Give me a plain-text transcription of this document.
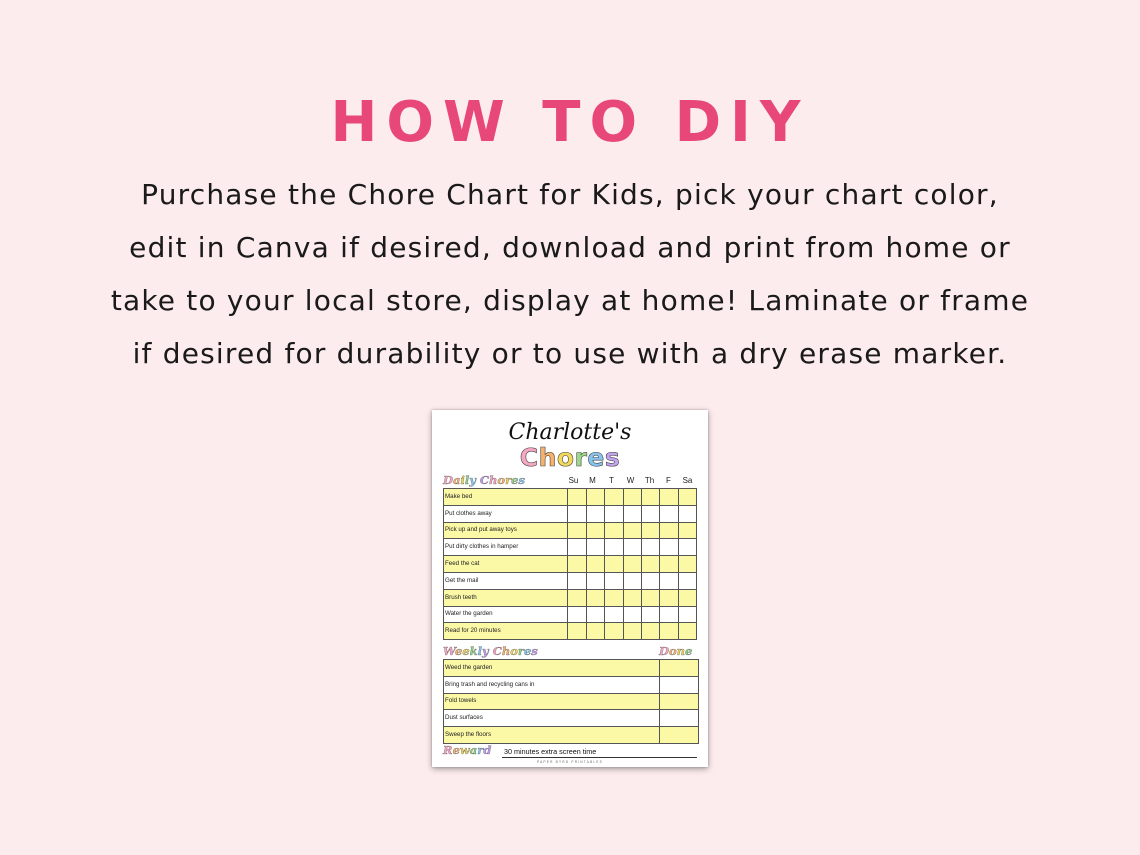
HOW TO DIY
Purchase the Chore Chart for Kids, pick your chart color,
edit in Canva if desired, download and print from home or
take to your local store, display at home! Laminate or frame
if desired for durability or to use with a dry erase marker.
Charlotte's
Chores
Daily Chores	Su	M	T	W	Th	F	Sa
Make bed							
Put clothes away							
Pick up and put away toys							
Put dirty clothes in hamper							
Feed the cat							
Get the mail							
Brush teeth							
Water the garden							
Read for 20 minutes							
Weekly Chores	Done
Weed the garden	
Bring trash and recycling cans in	
Fold towels	
Dust surfaces	
Sweep the floors	
Reward 30 minutes extra screen time
PAPER BYRD PRINTABLES
